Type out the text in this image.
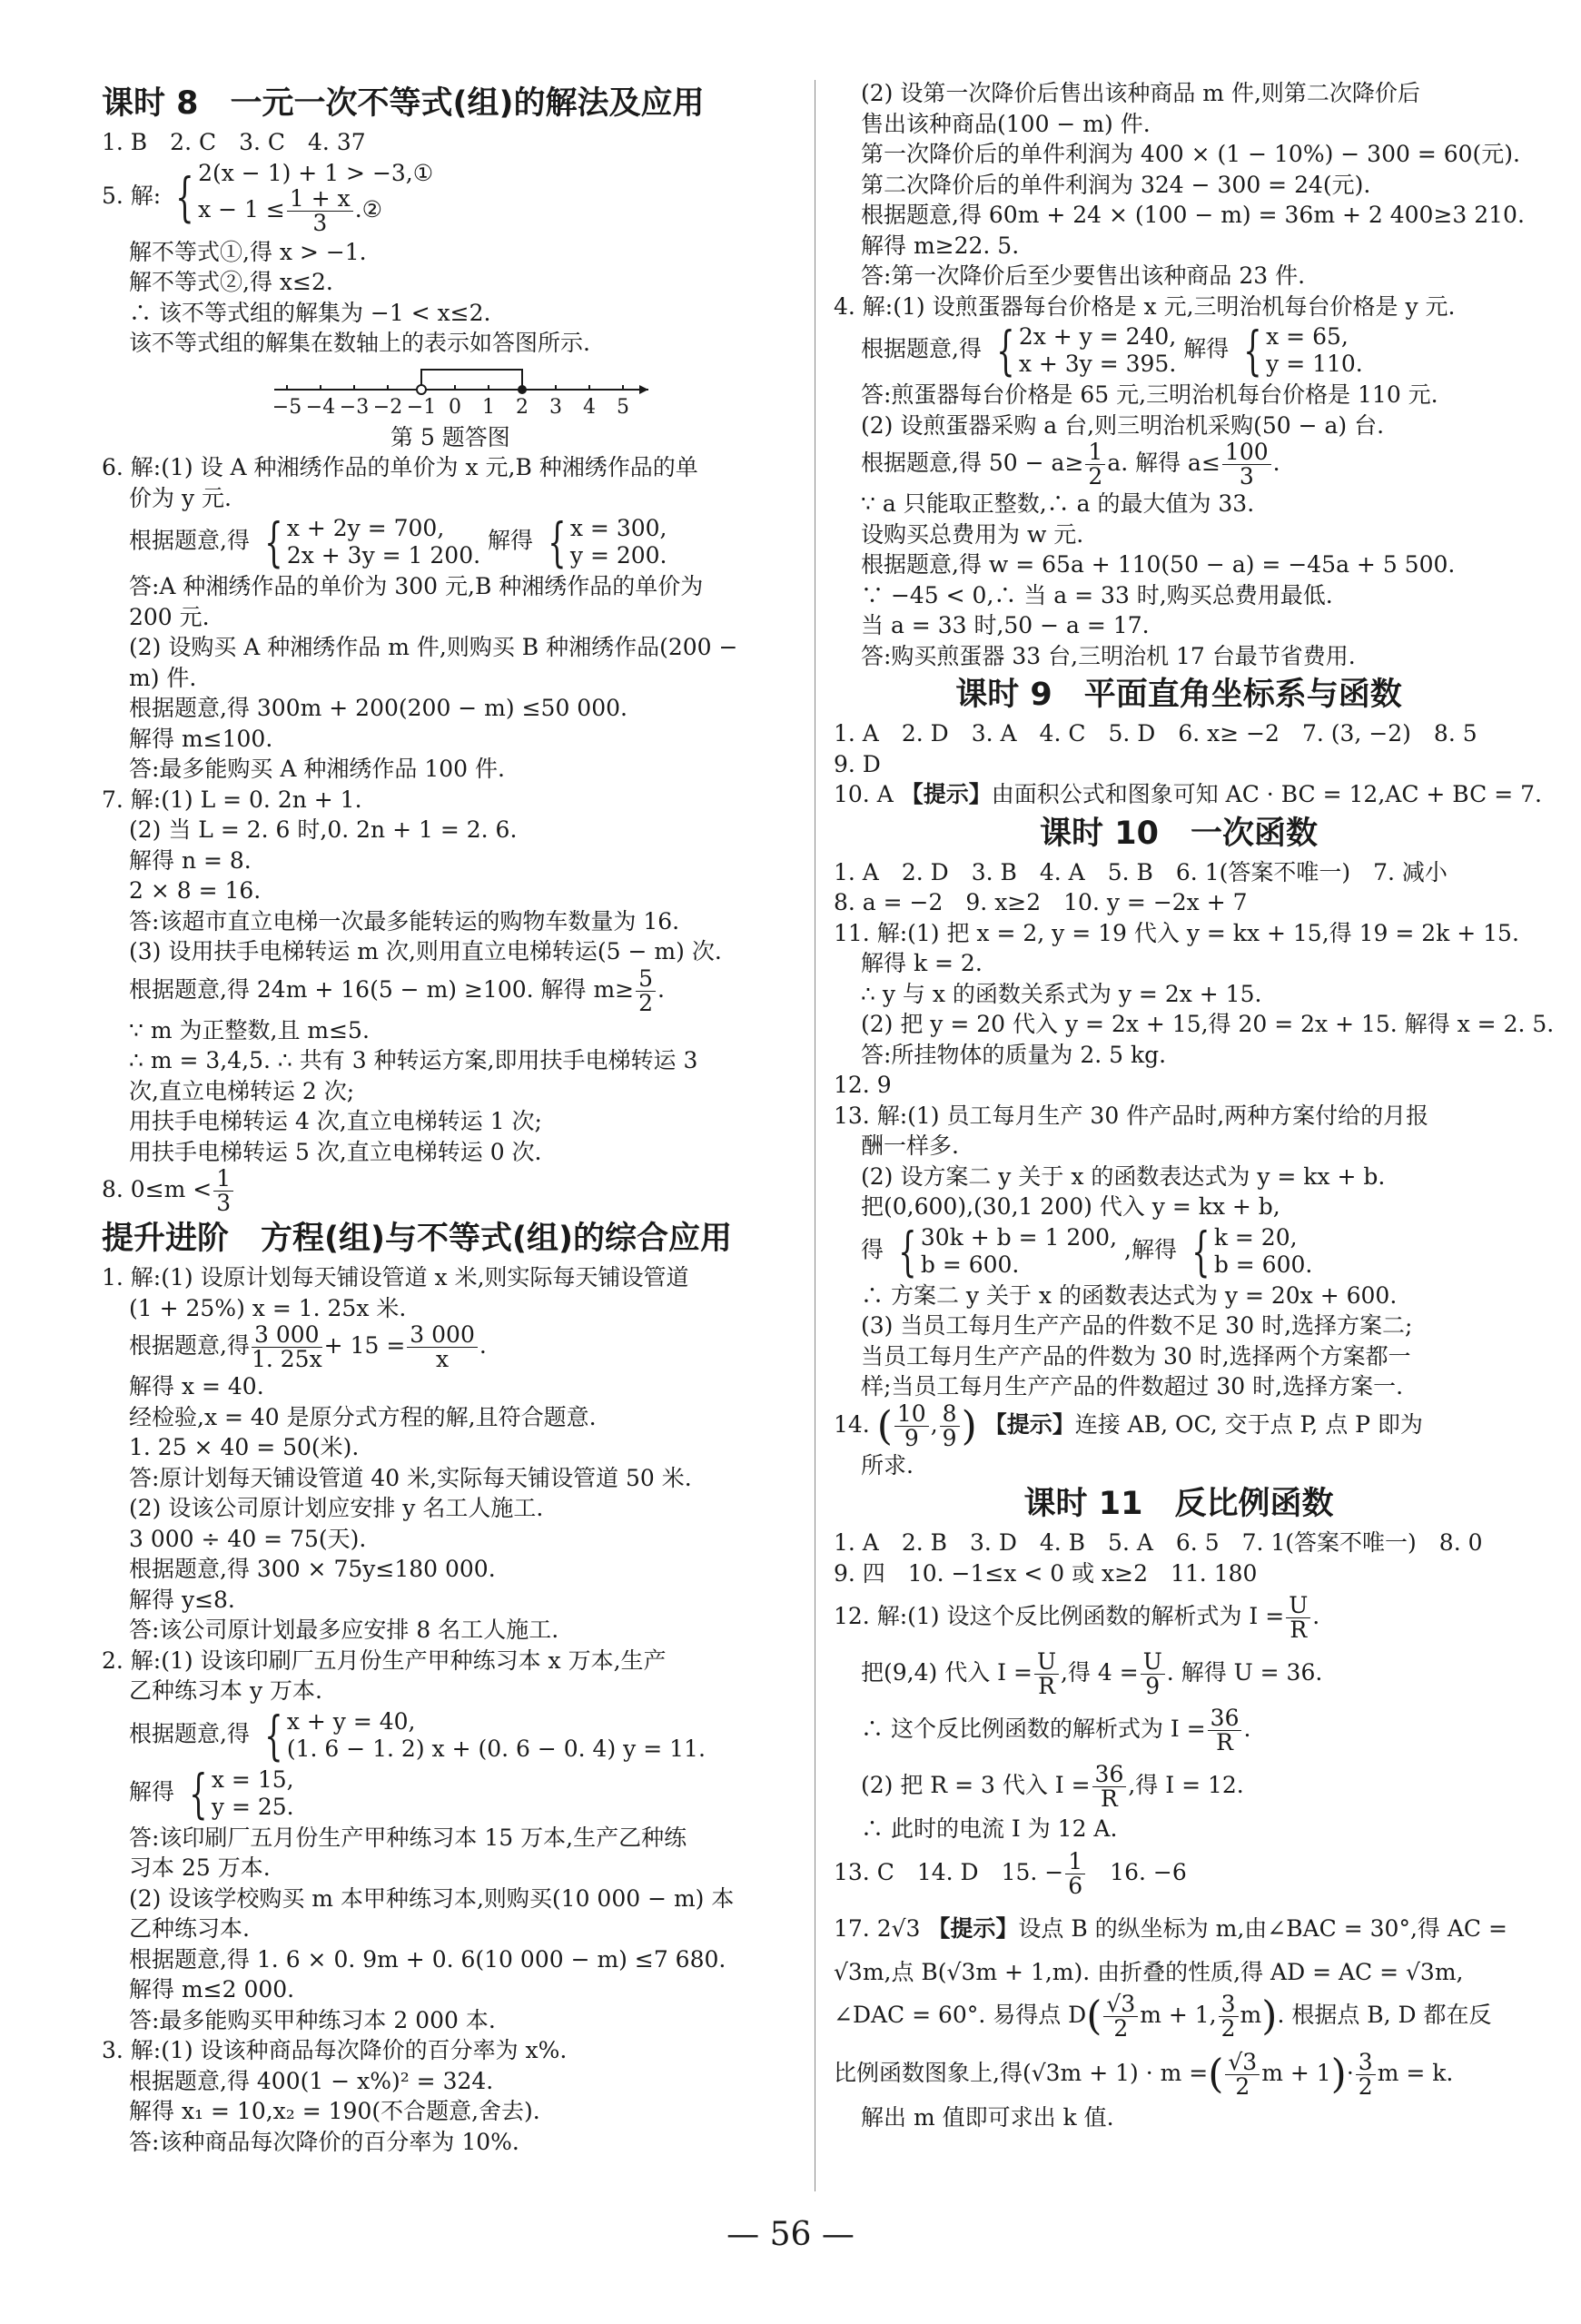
课时 8　一元一次不等式(组)的解法及应用
1. B　2. C　3. C　4. 37
5. 解: { 2(x − 1) + 1 > −3,①
$x - 1 \le \frac{1 + x}{3}$ .②
解不等式①,得 x > −1.
解不等式②,得 x≤2.
∴ 该不等式组的解集为 −1 < x≤2.
该不等式组的解集在数轴上的表示如答图所示.
−5 −4 −3 −2 −1 0 1 2 3 4 5
第 5 题答图
6. 解:(1) 设 A 种湘绣作品的单价为 x 元,B 种湘绣作品的单
价为 y 元.
根据题意,得 { x + 2y = 700,
2x + 3y = 1 200.
解得 { x = 300,
y = 200.
答:A 种湘绣作品的单价为 300 元,B 种湘绣作品的单价为
200 元.
(2) 设购买 A 种湘绣作品 m 件,则购买 B 种湘绣作品(200 −
m) 件.
根据题意,得 300m + 200(200 − m) ≤50 000.
解得 m≤100.
答:最多能购买 A 种湘绣作品 100 件.
7. 解:(1) L = 0. 2n + 1.
(2) 当 L = 2. 6 时,0. 2n + 1 = 2. 6.
解得 n = 8.
2 × 8 = 16.
答:该超市直立电梯一次最多能转运的购物车数量为 16.
(3) 设用扶手电梯转运 m 次,则用直立电梯转运(5 − m) 次.
根据题意,得 24m + 16(5 − m) ≥100. 解得 $m\ge \frac{5}{2}$ .
∵ m 为正整数,且 m≤5.
∴ m = 3,4,5. ∴ 共有 3 种转运方案,即用扶手电梯转运 3
次,直立电梯转运 2 次;
用扶手电梯转运 4 次,直立电梯转运 1 次;
用扶手电梯转运 5 次,直立电梯转运 0 次.
8. $0\le m < \frac{1}{3}$
提升进阶　方程(组)与不等式(组)的综合应用
1. 解:(1) 设原计划每天铺设管道 x 米,则实际每天铺设管道
(1 + 25%) x = 1. 25x 米.
根据题意,得 $\frac{3 000}{1. 25x} + 15 = \frac{3 000}{x}$ .
解得 x = 40.
经检验,x = 40 是原分式方程的解,且符合题意.
1. 25 × 40 = 50(米).
答:原计划每天铺设管道 40 米,实际每天铺设管道 50 米.
(2) 设该公司原计划应安排 y 名工人施工.
3 000 ÷ 40 = 75(天).
根据题意,得 300 × 75y≤180 000.
解得 y≤8.
答:该公司原计划最多应安排 8 名工人施工.
2. 解:(1) 设该印刷厂五月份生产甲种练习本 x 万本,生产
乙种练习本 y 万本.
根据题意,得 { x + y = 40,
(1. 6 − 1. 2) x + (0. 6 − 0. 4) y = 11.
解得 { x = 15,
y = 25.
答:该印刷厂五月份生产甲种练习本 15 万本,生产乙种练
习本 25 万本.
(2) 设该学校购买 m 本甲种练习本,则购买(10 000 − m) 本
乙种练习本.
根据题意,得 1. 6 × 0. 9m + 0. 6(10 000 − m) ≤7 680.
解得 m≤2 000.
答:最多能购买甲种练习本 2 000 本.
3. 解:(1) 设该种商品每次降价的百分率为 x%.
根据题意,得 400(1 − x%)² = 324.
解得 x₁ = 10,x₂ = 190(不合题意,舍去).
答:该种商品每次降价的百分率为 10%.
(2) 设第一次降价后售出该种商品 m 件,则第二次降价后
售出该种商品(100 − m) 件.
第一次降价后的单件利润为 400 × (1 − 10%) − 300 = 60(元).
第二次降价后的单件利润为 324 − 300 = 24(元).
根据题意,得 60m + 24 × (100 − m) = 36m + 2 400≥3 210.
解得 m≥22. 5.
答:第一次降价后至少要售出该种商品 23 件.
4. 解:(1) 设煎蛋器每台价格是 x 元,三明治机每台价格是 y 元.
根据题意,得 { 2x + y = 240,
x + 3y = 395.
解得 { x = 65,
y = 110.
答:煎蛋器每台价格是 65 元,三明治机每台价格是 110 元.
(2) 设煎蛋器采购 a 台,则三明治机采购(50 − a) 台.
根据题意,得 $50 - a\ge \frac{1}{2} a$. 解得 $a\le \frac{100}{3}$ .
∵ a 只能取正整数,∴ a 的最大值为 33.
设购买总费用为 w 元.
根据题意,得 w = 65a + 110(50 − a) = −45a + 5 500.
∵ −45 < 0,∴ 当 a = 33 时,购买总费用最低.
当 a = 33 时,50 − a = 17.
答:购买煎蛋器 33 台,三明治机 17 台最节省费用.
课时 9　平面直角坐标系与函数
1. A　2. D　3. A　4. C　5. D　6. x≥ −2　7. (3, −2)　8. 5
9. D
10. A 【提示】由面积公式和图象可知 AC · BC = 12,AC + BC = 7.
课时 10　一次函数
1. A　2. D　3. B　4. A　5. B　6. 1(答案不唯一)　7. 减小
8. a = −2　9. x≥2　10. y = −2x + 7
11. 解:(1) 把 x = 2, y = 19 代入 y = kx + 15,得 19 = 2k + 15.
解得 k = 2.
∴ y 与 x 的函数关系式为 y = 2x + 15.
(2) 把 y = 20 代入 y = 2x + 15,得 20 = 2x + 15. 解得 x = 2. 5.
答:所挂物体的质量为 2. 5 kg.
12. 9
13. 解:(1) 员工每月生产 30 件产品时,两种方案付给的月报
酬一样多.
(2) 设方案二 y 关于 x 的函数表达式为 y = kx + b.
把(0,600),(30,1 200) 代入 y = kx + b,
得 { 30k + b = 1 200,
b = 600.
,解得 { k = 20,
b = 600.
∴ 方案二 y 关于 x 的函数表达式为 y = 20x + 600.
(3) 当员工每月生产产品的件数不足 30 时,选择方案二;
当员工每月生产产品的件数为 30 时,选择两个方案都一
样;当员工每月生产产品的件数超过 30 时,选择方案一.
14. ( $\frac{10}{9}$ , $\frac{8}{9}$ ) 【提示】连接 AB, OC, 交于点 P, 点 P 即为
所求.
课时 11　反比例函数
1. A　2. B　3. D　4. B　5. A　6. 5　7. 1(答案不唯一)　8. 0
9. 四　10. −1≤x < 0 或 x≥2　11. 180
12. 解:(1) 设这个反比例函数的解析式为 $I = \frac{U}{R}$ .
把(9,4) 代入 $I = \frac{U}{R}$ ,得 $4 = \frac{U}{9}$ . 解得 U = 36.
∴ 这个反比例函数的解析式为 $I = \frac{36}{R}$ .
(2) 把 R = 3 代入 $I = \frac{36}{R}$ ,得 I = 12.
∴ 此时的电流 I 为 12 A.
13. C　14. D　15. − $\frac{1}{6}$
　 16. −6
17. 2√3 【提示】设点 B 的纵坐标为 m,由∠BAC = 30°,得 AC =
√3m,点 B(√3m + 1,m). 由折叠的性质,得 AD = AC = √3m,
∠DAC = 60°. 易得点 $D( \frac{√3}{2}$ m + 1, $\frac{3}{2} m$). 根据点 B, D 都在反
比例函数图象上,得(√3m + 1) · m =( $\frac{√3}{2}$ $m + 1)\cdot \frac{3}{2}$ m = k.
解出 m 值即可求出 k 值.
— 56 —
